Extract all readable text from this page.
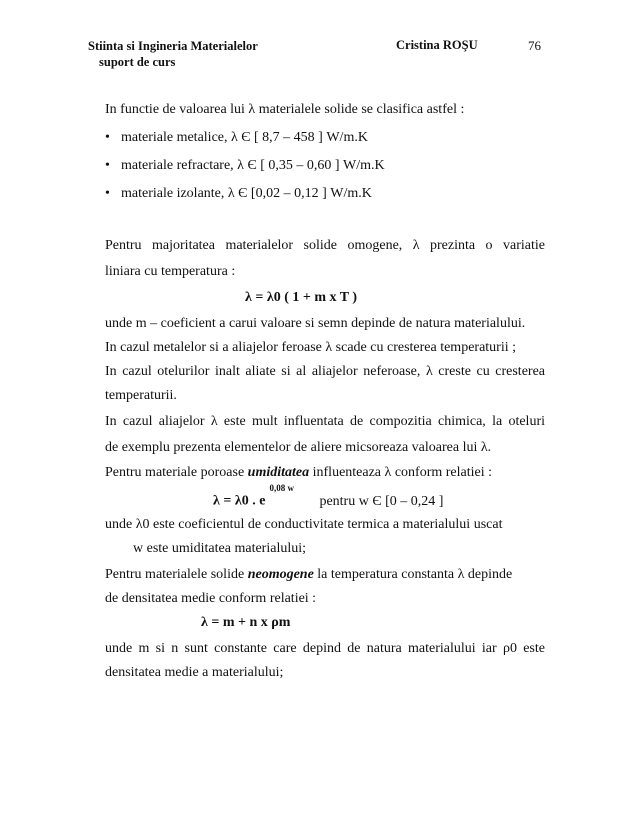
Stiinta si Ingineria Materialelor
suport de curs
Cristina ROŞU	76
In functie de valoarea lui λ materialele solide se clasifica astfel :
• materiale metalice, λ Є [ 8,7 – 458 ] W/m.K
• materiale refractare, λ Є [ 0,35 – 0,60 ] W/m.K
• materiale izolante, λ Є [0,02 – 0,12 ] W/m.K
Pentru majoritatea materialelor solide omogene, λ prezinta o variatie
liniara cu temperatura :
λ = λ0 ( 1 + m x T )
unde m – coeficient a carui valoare si semn depinde de natura materialului.
In cazul metalelor si a aliajelor feroase λ scade cu cresterea temperaturii ;
In cazul otelurilor inalt aliate si al aliajelor neferoase, λ creste cu cresterea
temperaturii.
In cazul aliajelor λ este mult influentata de compozitia chimica, la oteluri
de exemplu prezenta elementelor de aliere micsoreaza valoarea lui λ.
Pentru materiale poroase umiditatea influenteaza λ conform relatiei :
λ = λ0 . $e^{0,08 w}$ pentru w Є [0 – 0,24 ]
unde λ0 este coeficientul de conductivitate termica a materialului uscat
w este umiditatea materialului;
Pentru materialele solide neomogene la temperatura constanta λ depinde
de densitatea medie conform relatiei :
λ = m + n x ρm
unde m si n sunt constante care depind de natura materialului iar ρ0 este
densitatea medie a materialului;
